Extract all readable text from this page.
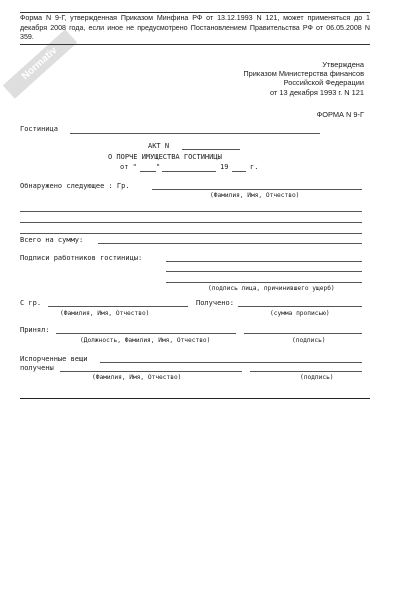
Normativ
Форма N 9-Г, утвержденная Приказом Минфина РФ от 13.12.1993 N 121, может применяться до 1 декабря 2008 года, если иное не предусмотрено Постановлением Правительства РФ от 06.05.2008 N 359.
Утверждена
Приказом Министерства финансов
Российской Федерации
от 13 декабря 1993 г. N 121
ФОРМА N 9-Г
Гостиница
АКТ N
О ПОРЧЕ ИМУЩЕСТВА ГОСТИНИЦЫ
от "	"	19	г.
Обнаружено следующее : Гр.
(Фамилия, Имя, Отчество)
Всего на сумму:
Подписи работников гостиницы:
(подпись лица, причинившего ущерб)
С гр.	Получено:
(Фамилия, Имя, Отчество)	(сумма прописью)
Принял:
(Должность, Фамилия, Имя, Отчество)	(подпись)
Испорченные вещи
получены
(Фамилия, Имя, Отчество)	(подпись)
